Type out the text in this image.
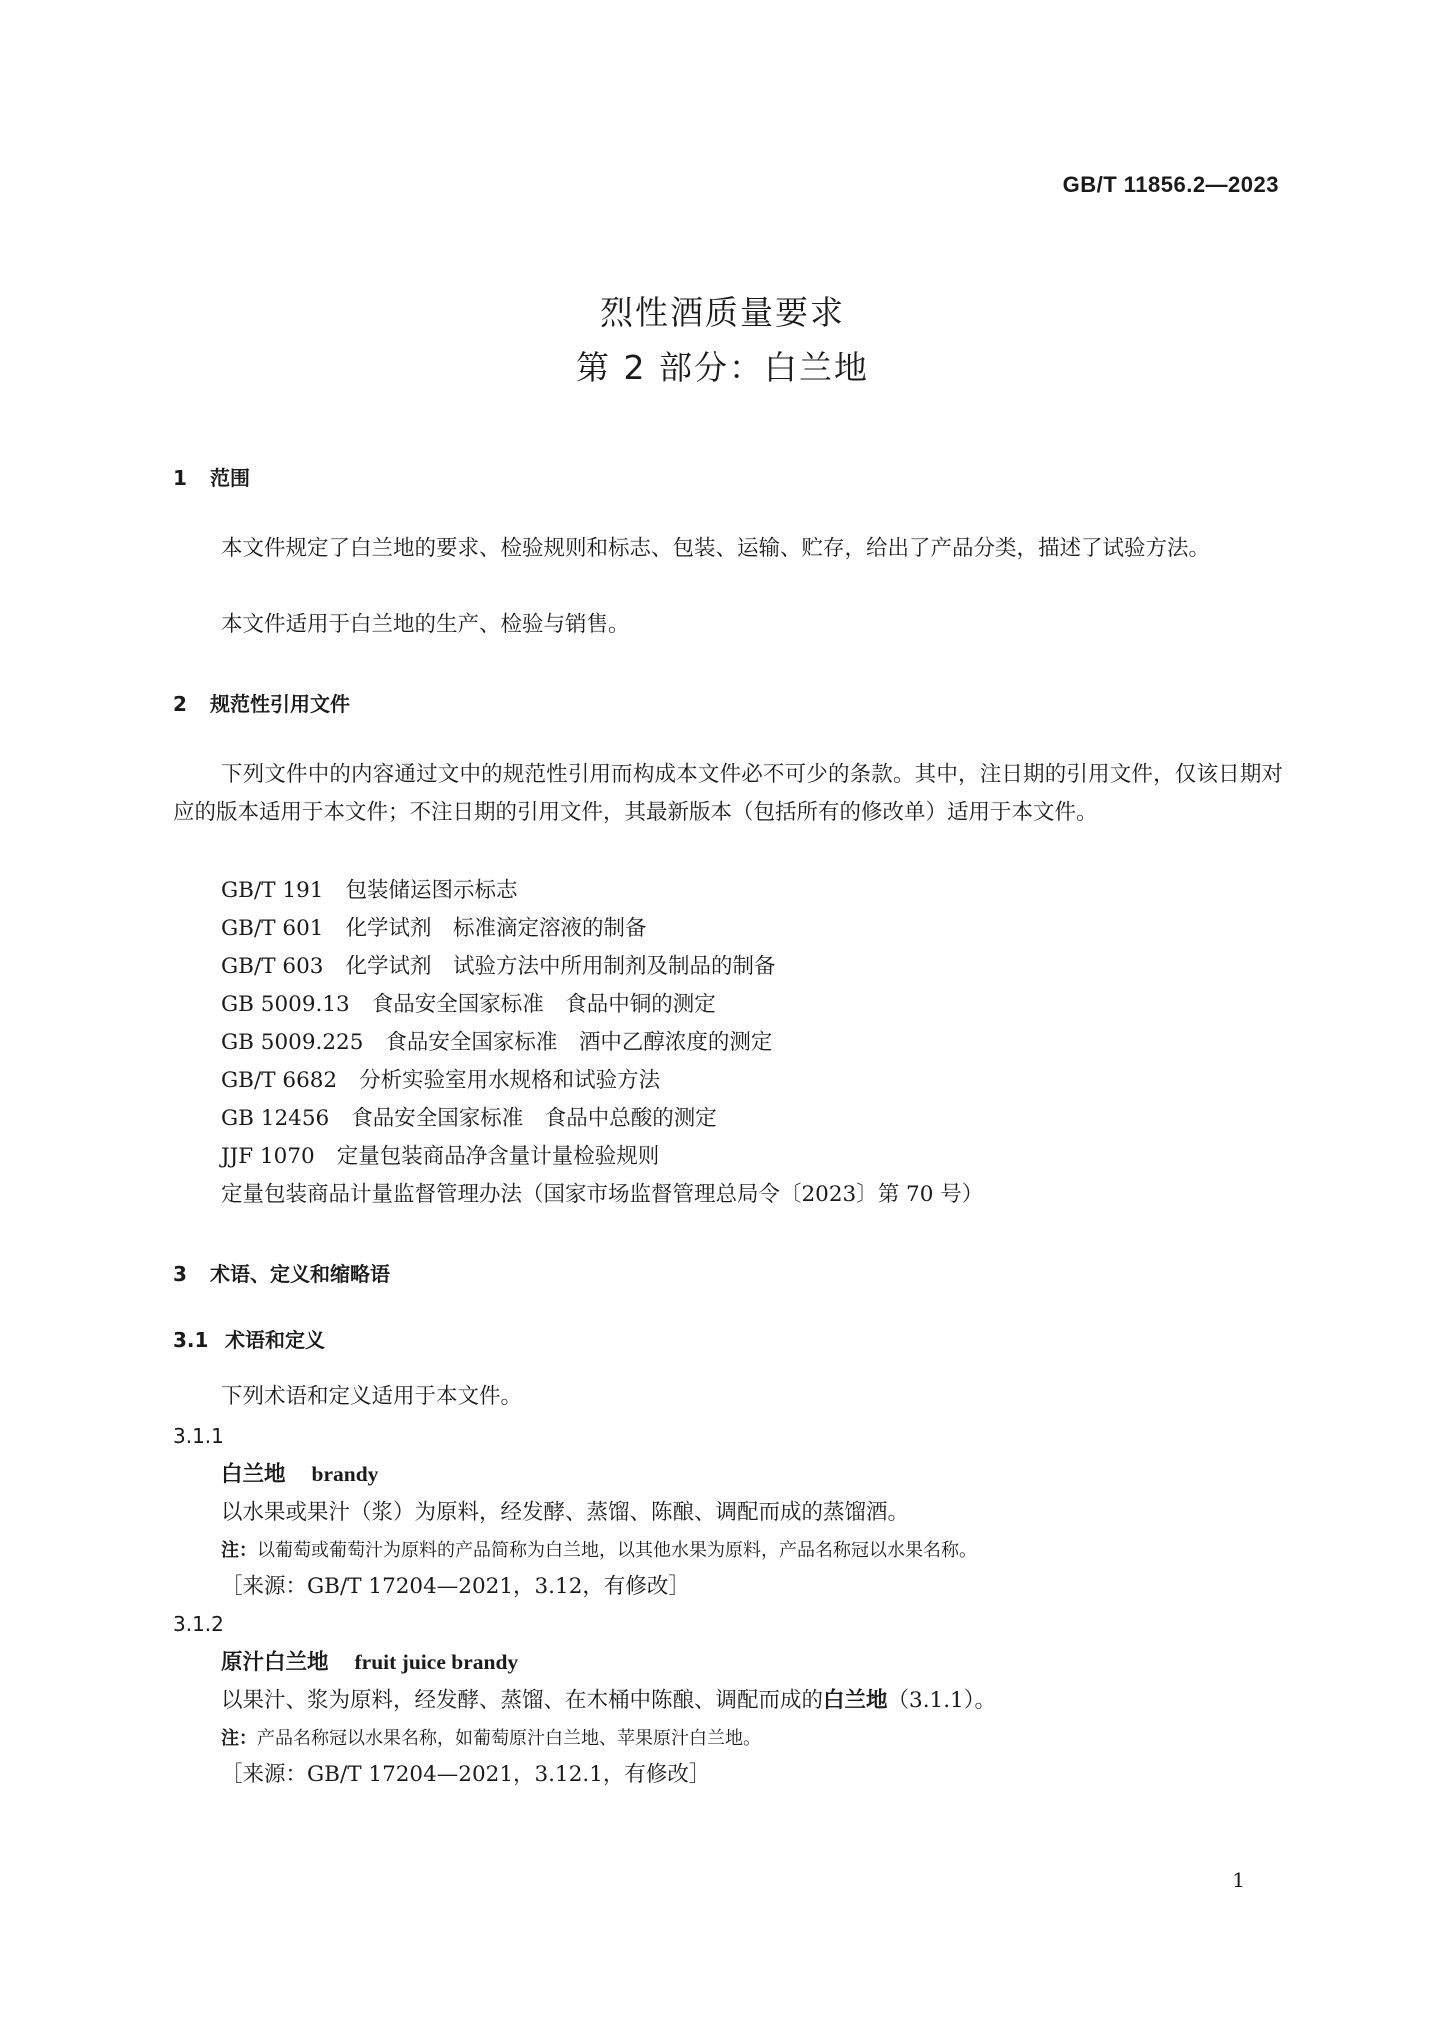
GB/T 11856.2—2023
烈性酒质量要求
第 2 部分：白兰地
1 范围
本文件规定了白兰地的要求、检验规则和标志、包装、运输、贮存，给出了产品分类，描述了试验方法。
本文件适用于白兰地的生产、检验与销售。
2 规范性引用文件
下列文件中的内容通过文中的规范性引用而构成本文件必不可少的条款。其中，注日期的引用文件，仅该日期对应的版本适用于本文件；不注日期的引用文件，其最新版本（包括所有的修改单）适用于本文件。
GB/T 191 包装储运图示标志
GB/T 601 化学试剂　标准滴定溶液的制备
GB/T 603 化学试剂　试验方法中所用制剂及制品的制备
GB 5009.13 食品安全国家标准　食品中铜的测定
GB 5009.225 食品安全国家标准　酒中乙醇浓度的测定
GB/T 6682 分析实验室用水规格和试验方法
GB 12456 食品安全国家标准　食品中总酸的测定
JJF 1070 定量包装商品净含量计量检验规则
定量包装商品计量监督管理办法（国家市场监督管理总局令〔2023〕第 70 号）
3 术语、定义和缩略语
3.1 术语和定义
下列术语和定义适用于本文件。
3.1.1
白兰地 brandy
以水果或果汁（浆）为原料，经发酵、蒸馏、陈酿、调配而成的蒸馏酒。
注：以葡萄或葡萄汁为原料的产品简称为白兰地，以其他水果为原料，产品名称冠以水果名称。
［来源：GB/T 17204—2021，3.12，有修改］
3.1.2
原汁白兰地 fruit juice brandy
以果汁、浆为原料，经发酵、蒸馏、在木桶中陈酿、调配而成的白兰地（3.1.1）。
注：产品名称冠以水果名称，如葡萄原汁白兰地、苹果原汁白兰地。
［来源：GB/T 17204—2021，3.12.1，有修改］
1
